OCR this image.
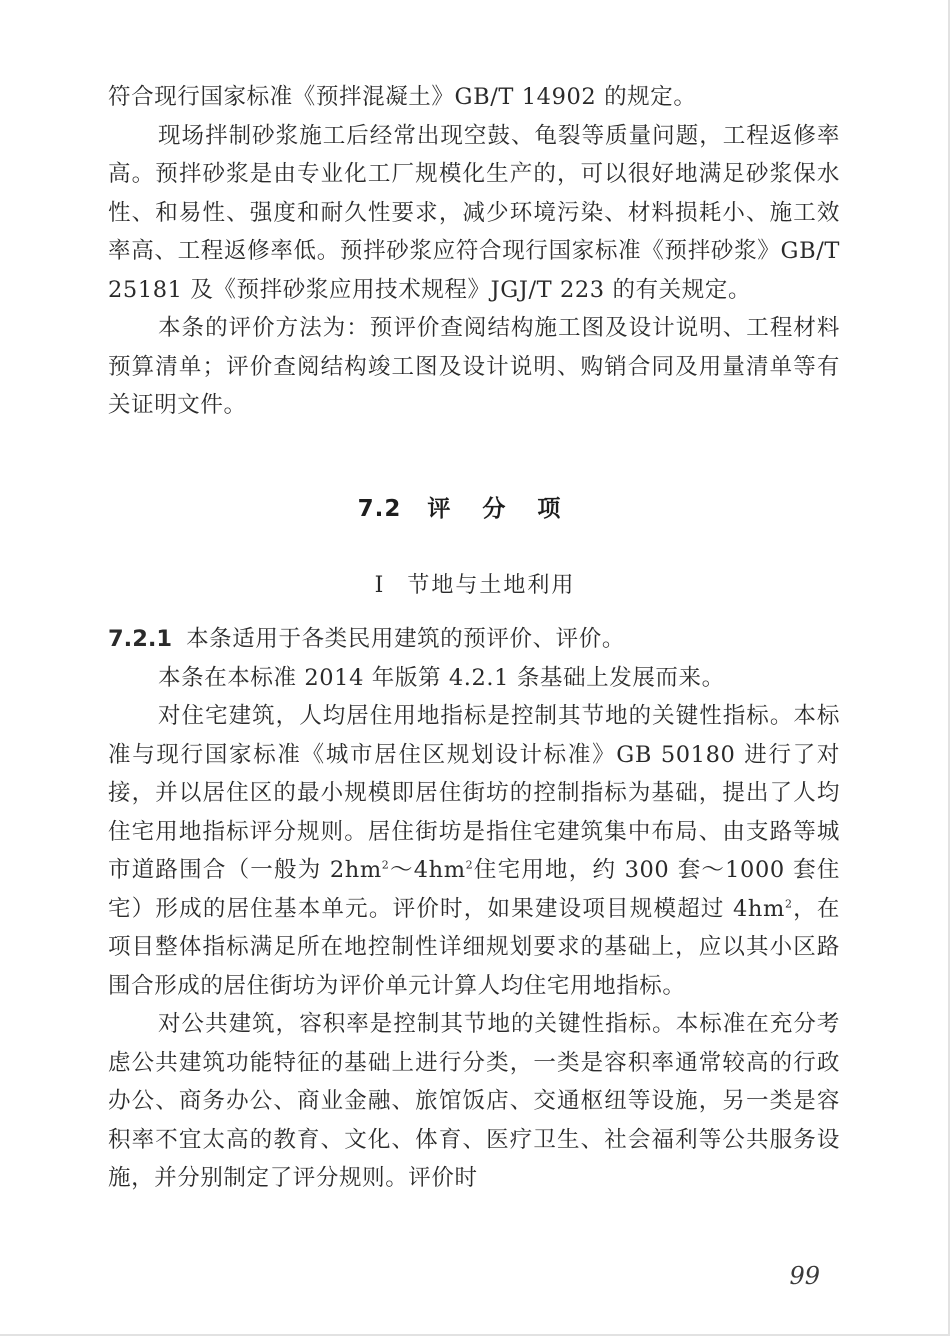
符合现行国家标准《预拌混凝土》GB/T 14902 的规定。

现场拌制砂浆施工后经常出现空鼓、龟裂等质量问题，工程返修率高。预拌砂浆是由专业化工厂规模化生产的，可以很好地满足砂浆保水性、和易性、强度和耐久性要求，减少环境污染、材料损耗小、施工效率高、工程返修率低。预拌砂浆应符合现行国家标准《预拌砂浆》GB/T 25181 及《预拌砂浆应用技术规程》JGJ/T 223 的有关规定。

本条的评价方法为：预评价查阅结构施工图及设计说明、工程材料预算清单；评价查阅结构竣工图及设计说明、购销合同及用量清单等有关证明文件。

7.2 评分项
Ⅰ 节地与土地利用

7.2.1 本条适用于各类民用建筑的预评价、评价。

本条在本标准 2014 年版第 4.2.1 条基础上发展而来。

对住宅建筑，人均居住用地指标是控制其节地的关键性指标。本标准与现行国家标准《城市居住区规划设计标准》GB 50180 进行了对接，并以居住区的最小规模即居住街坊的控制指标为基础，提出了人均住宅用地指标评分规则。居住街坊是指住宅建筑集中布局、由支路等城市道路围合（一般为 $2hm^2\sim 4hm^2$住宅用地，约 300 套～1000 套住宅）形成的居住基本单元。评价时，如果建设项目规模超过 $4hm^2$，在项目整体指标满足所在地控制性详细规划要求的基础上，应以其小区路围合形成的居住街坊为评价单元计算人均住宅用地指标。

对公共建筑，容积率是控制其节地的关键性指标。本标准在充分考虑公共建筑功能特征的基础上进行分类，一类是容积率通常较高的行政办公、商务办公、商业金融、旅馆饭店、交通枢纽等设施，另一类是容积率不宜太高的教育、文化、体育、医疗卫生、社会福利等公共服务设施，并分别制定了评分规则。评价时

99
